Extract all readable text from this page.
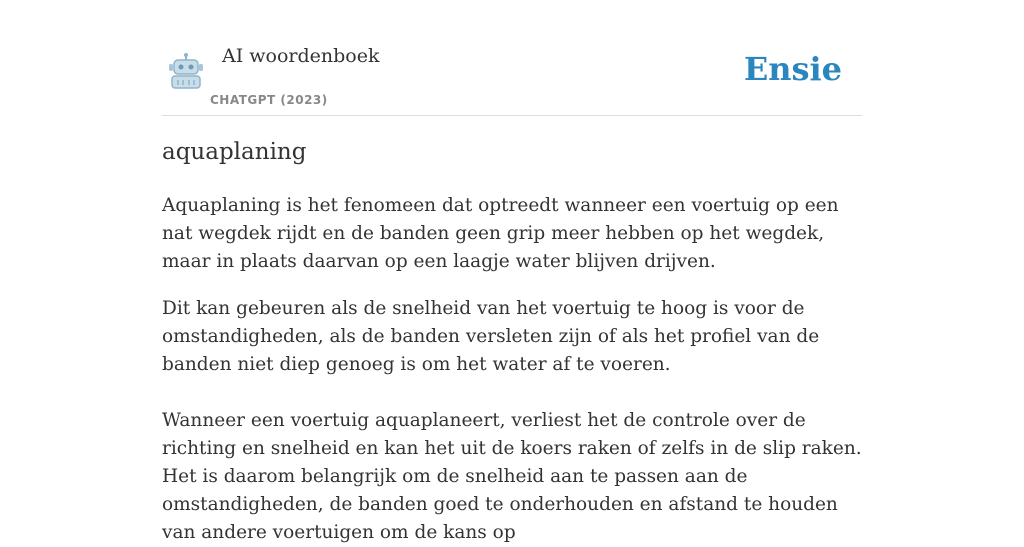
AI woordenboek
CHATGPT (2023)
Ensie
aquaplaning

Aquaplaning is het fenomeen dat optreedt wanneer een voertuig op een nat wegdek rijdt en de banden geen grip meer hebben op het wegdek, maar in plaats daarvan op een laagje water blijven drijven.

Dit kan gebeuren als de snelheid van het voertuig te hoog is voor de omstandigheden, als de banden versleten zijn of als het profiel van de banden niet diep genoeg is om het water af te voeren.

Wanneer een voertuig aquaplaneert, verliest het de controle over de richting en snelheid en kan het uit de koers raken of zelfs in de slip raken. Het is daarom belangrijk om de snelheid aan te passen aan de omstandigheden, de banden goed te onderhouden en afstand te houden van andere voertuigen om de kans op
